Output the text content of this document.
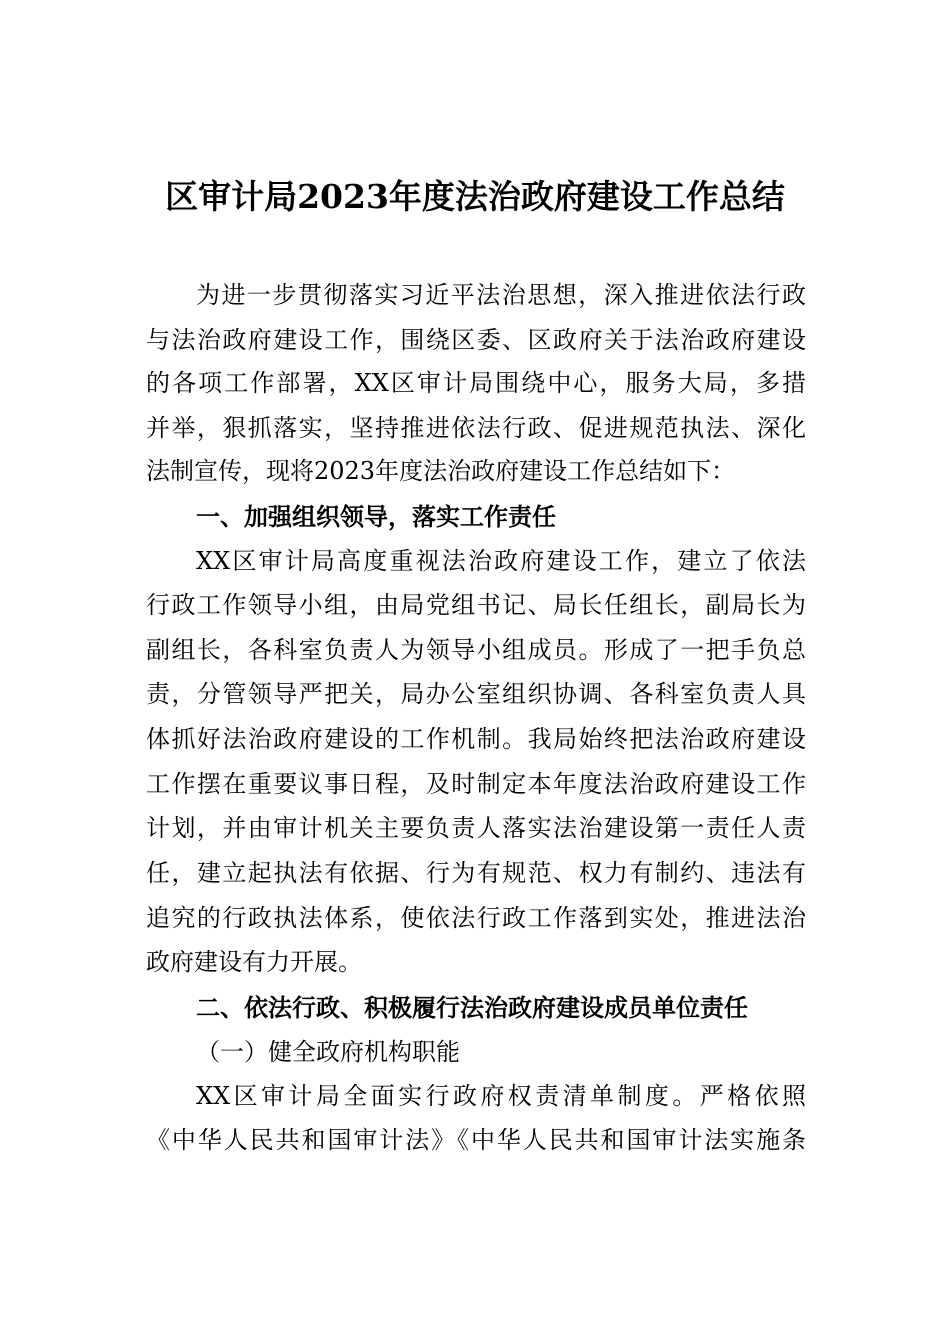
区审计局2023年度法治政府建设工作总结
为进一步贯彻落实习近平法治思想，深入推进依法行政
与法治政府建设工作，围绕区委、区政府关于法治政府建设
的各项工作部署，XX区审计局围绕中心，服务大局，多措
并举，狠抓落实，坚持推进依法行政、促进规范执法、深化
法制宣传，现将2023年度法治政府建设工作总结如下：
一、加强组织领导，落实工作责任
XX区审计局高度重视法治政府建设工作，建立了依法
行政工作领导小组，由局党组书记、局长任组长，副局长为
副组长，各科室负责人为领导小组成员。形成了一把手负总
责，分管领导严把关，局办公室组织协调、各科室负责人具
体抓好法治政府建设的工作机制。我局始终把法治政府建设
工作摆在重要议事日程，及时制定本年度法治政府建设工作
计划，并由审计机关主要负责人落实法治建设第一责任人责
任，建立起执法有依据、行为有规范、权力有制约、违法有
追究的行政执法体系，使依法行政工作落到实处，推进法治
政府建设有力开展。
二、依法行政、积极履行法治政府建设成员单位责任
（一）健全政府机构职能
XX区审计局全面实行政府权责清单制度。严格依照
《中华人民共和国审计法》《中华人民共和国审计法实施条
